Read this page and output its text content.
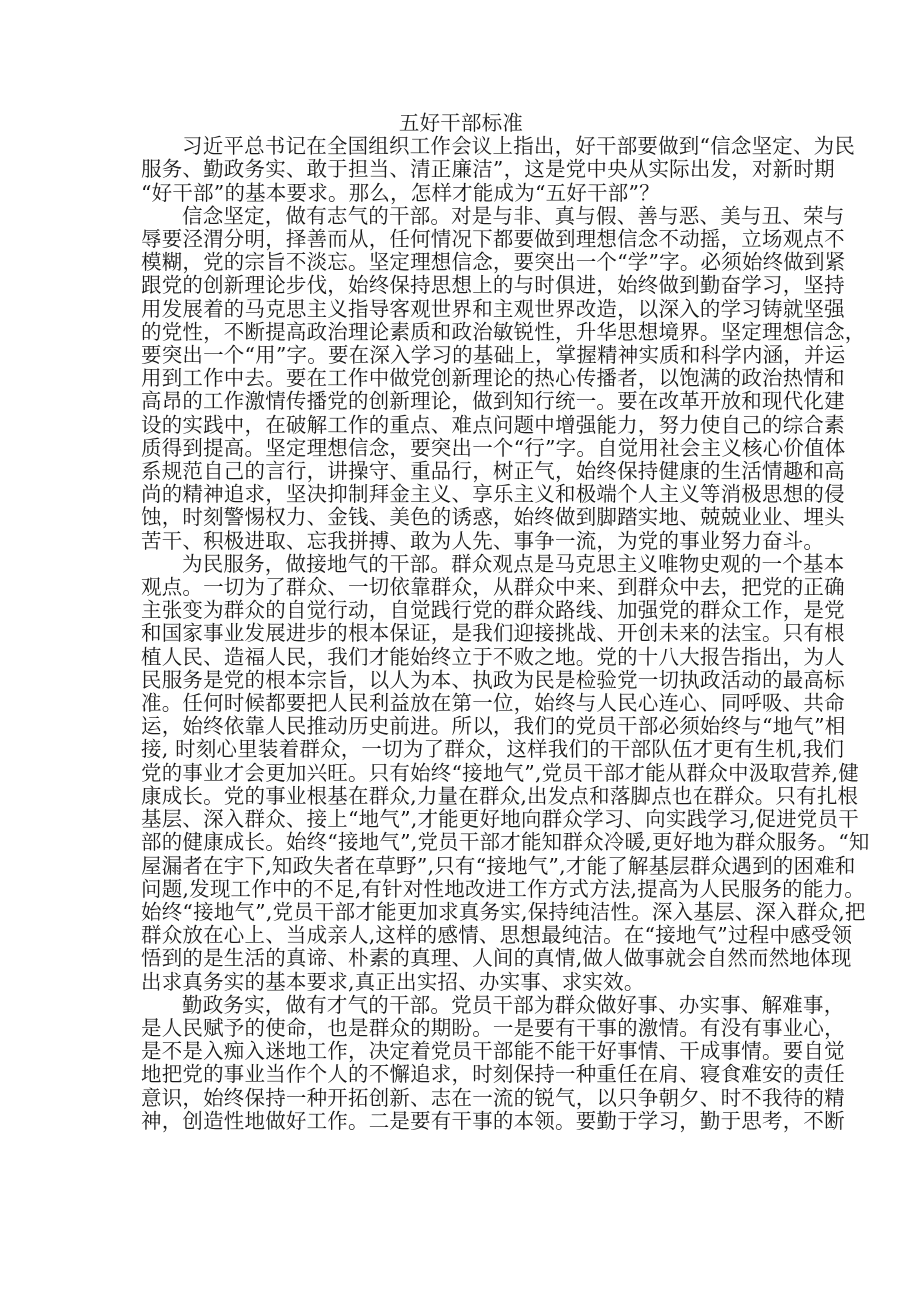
五好干部标准
习近平总书记在全国组织工作会议上指出，好干部要做到“信念坚定、为民
服务、勤政务实、敢于担当、清正廉洁”，这是党中央从实际出发，对新时期
“好干部”的基本要求。那么，怎样才能成为“五好干部”？
信念坚定，做有志气的干部。对是与非、真与假、善与恶、美与丑、荣与
辱要泾渭分明，择善而从，任何情况下都要做到理想信念不动摇，立场观点不
模糊，党的宗旨不淡忘。坚定理想信念，要突出一个“学”字。必须始终做到紧
跟党的创新理论步伐，始终保持思想上的与时俱进，始终做到勤奋学习，坚持
用发展着的马克思主义指导客观世界和主观世界改造，以深入的学习铸就坚强
的党性，不断提高政治理论素质和政治敏锐性，升华思想境界。坚定理想信念，
要突出一个“用”字。要在深入学习的基础上，掌握精神实质和科学内涵，并运
用到工作中去。要在工作中做党创新理论的热心传播者，以饱满的政治热情和
高昂的工作激情传播党的创新理论，做到知行统一。要在改革开放和现代化建
设的实践中，在破解工作的重点、难点问题中增强能力，努力使自己的综合素
质得到提高。坚定理想信念，要突出一个“行”字。自觉用社会主义核心价值体
系规范自己的言行，讲操守、重品行，树正气，始终保持健康的生活情趣和高
尚的精神追求，坚决抑制拜金主义、享乐主义和极端个人主义等消极思想的侵
蚀，时刻警惕权力、金钱、美色的诱惑，始终做到脚踏实地、兢兢业业、埋头
苦干、积极进取、忘我拼搏、敢为人先、事争一流，为党的事业努力奋斗。
为民服务，做接地气的干部。群众观点是马克思主义唯物史观的一个基本
观点。一切为了群众、一切依靠群众，从群众中来、到群众中去，把党的正确
主张变为群众的自觉行动，自觉践行党的群众路线、加强党的群众工作，是党
和国家事业发展进步的根本保证，是我们迎接挑战、开创未来的法宝。只有根
植人民、造福人民，我们才能始终立于不败之地。党的十八大报告指出，为人
民服务是党的根本宗旨，以人为本、执政为民是检验党一切执政活动的最高标
准。任何时候都要把人民利益放在第一位，始终与人民心连心、同呼吸、共命
运，始终依靠人民推动历史前进。所以，我们的党员干部必须始终与“地气”相
接, 时刻心里装着群众，一切为了群众，这样我们的干部队伍才更有生机,我们
党的事业才会更加兴旺。只有始终“接地气”,党员干部才能从群众中汲取营养,健
康成长。党的事业根基在群众,力量在群众,出发点和落脚点也在群众。只有扎根
基层、深入群众、接上“地气”,才能更好地向群众学习、向实践学习,促进党员干
部的健康成长。始终“接地气”,党员干部才能知群众冷暖,更好地为群众服务。“知
屋漏者在宇下,知政失者在草野”,只有“接地气”,才能了解基层群众遇到的困难和
问题,发现工作中的不足,有针对性地改进工作方式方法,提高为人民服务的能力。
始终“接地气”,党员干部才能更加求真务实,保持纯洁性。深入基层、深入群众,把
群众放在心上、当成亲人,这样的感情、思想最纯洁。在“接地气”过程中感受领
悟到的是生活的真谛、朴素的真理、人间的真情,做人做事就会自然而然地体现
出求真务实的基本要求,真正出实招、办实事、求实效。
勤政务实，做有才气的干部。党员干部为群众做好事、办实事、解难事，
是人民赋予的使命，也是群众的期盼。一是要有干事的激情。有没有事业心，
是不是入痴入迷地工作，决定着党员干部能不能干好事情、干成事情。要自觉
地把党的事业当作个人的不懈追求，时刻保持一种重任在肩、寝食难安的责任
意识，始终保持一种开拓创新、志在一流的锐气，以只争朝夕、时不我待的精
神，创造性地做好工作。二是要有干事的本领。要勤于学习，勤于思考，不断
